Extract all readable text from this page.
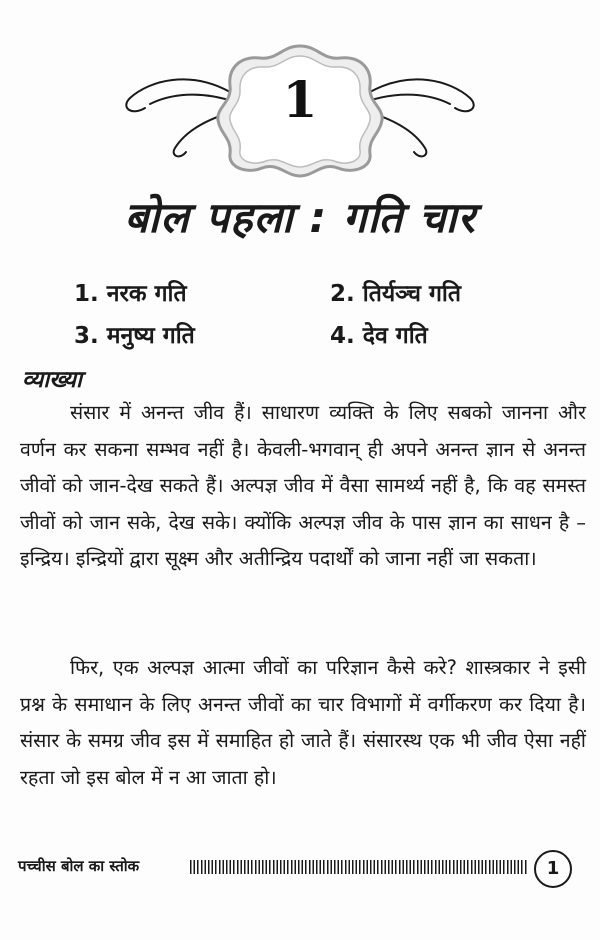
1
बोल पहला : गति चार
1. नरक गति	2. तिर्यञ्च गति
3. मनुष्य गति	4. देव गति
व्याख्या

संसार में अनन्त जीव हैं। साधारण व्यक्ति के लिए सबको जानना और वर्णन कर सकना सम्भव नहीं है। केवली-भगवान् ही अपने अनन्त ज्ञान से अनन्त जीवों को जान-देख सकते हैं। अल्पज्ञ जीव में वैसा सामर्थ्य नहीं है, कि वह समस्त जीवों को जान सके, देख सके। क्योंकि अल्पज्ञ जीव के पास ज्ञान का साधन है – इन्द्रिय। इन्द्रियों द्वारा सूक्ष्म और अतीन्द्रिय पदार्थों को जाना नहीं जा सकता।

फिर, एक अल्पज्ञ आत्मा जीवों का परिज्ञान कैसे करे? शास्त्रकार ने इसी प्रश्न के समाधान के लिए अनन्त जीवों का चार विभागों में वर्गीकरण कर दिया है। संसार के समग्र जीव इस में समाहित हो जाते हैं। संसारस्थ एक भी जीव ऐसा नहीं रहता जो इस बोल में न आ जाता हो।

पच्चीस बोल का स्तोक	1
